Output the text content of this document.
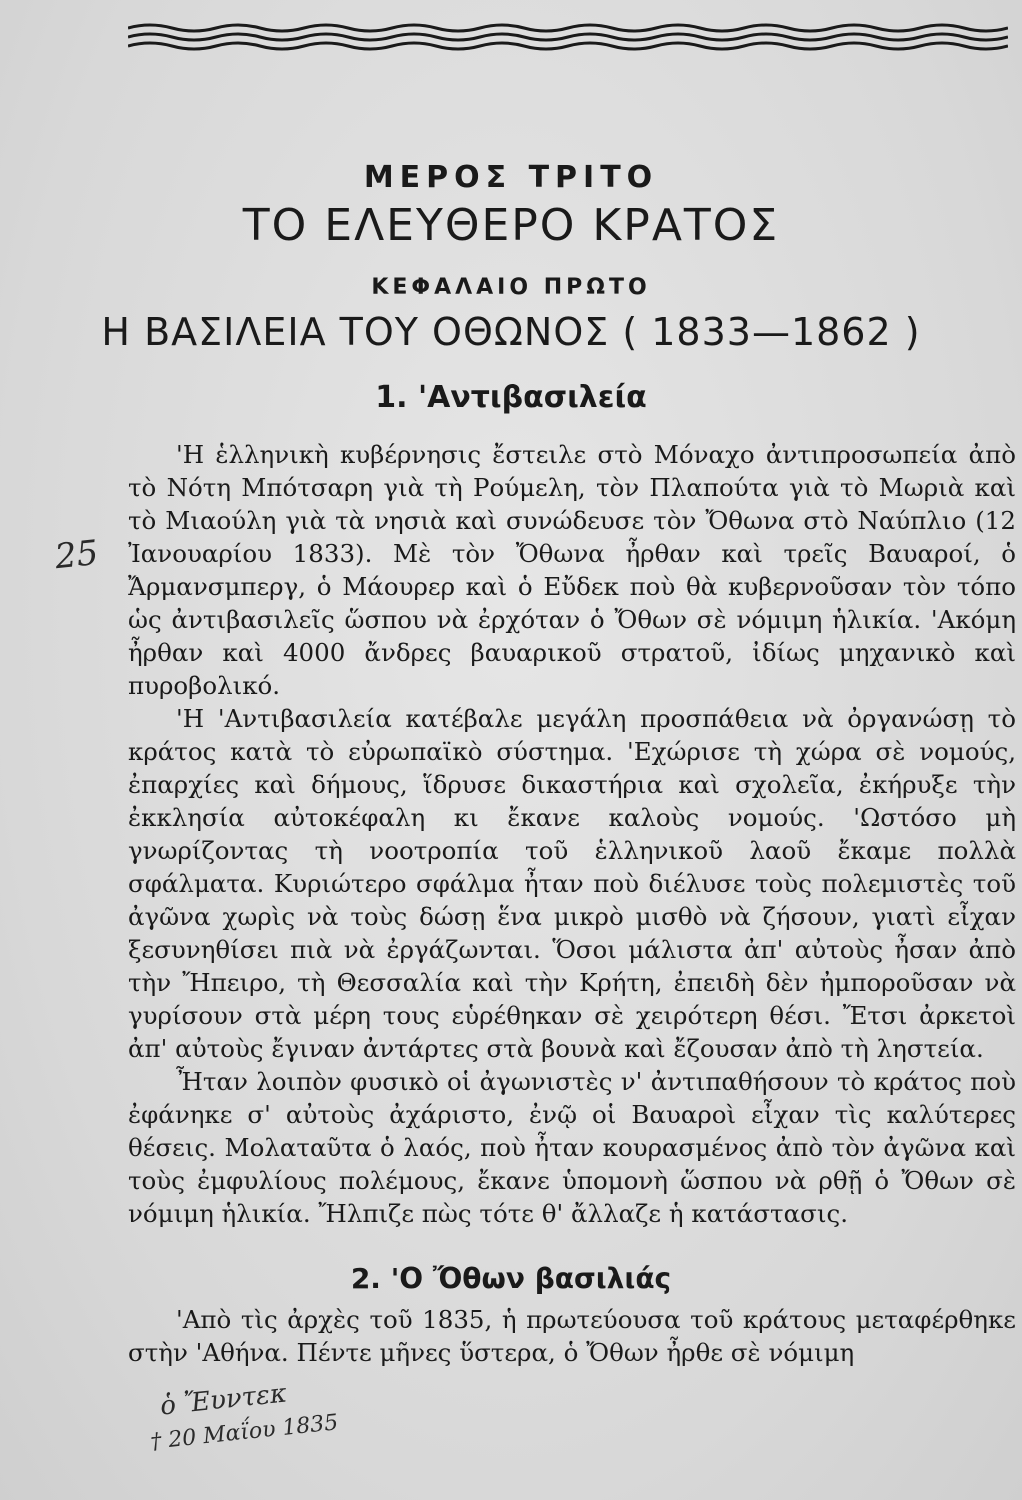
ΜΕΡΟΣ ΤΡΙΤΟ
ΤΟ ΕΛΕΥΘΕΡΟ ΚΡΑΤΟΣ
ΚΕΦΑΛΑΙΟ ΠΡΩΤΟ
Η ΒΑΣΙΛΕΙΑ ΤΟΥ ΟΘΩΝΟΣ ( 1833—1862 )
1. 'Αντιβασιλεία

'Η ἑλληνικὴ κυβέρνησις ἔστειλε στὸ Μόναχο ἀντιπροσωπεία ἀπὸ τὸ Νότη Μπότσαρη γιὰ τὴ Ρούμελη, τὸν Πλαπούτα γιὰ τὸ Μωριὰ καὶ τὸ Μιαούλη γιὰ τὰ νησιὰ καὶ συνώδευσε τὸν Ὄθωνα στὸ Ναύπλιο (12 Ἰανουαρίου 1833). Μὲ τὸν Ὄθωνα ἦρθαν καὶ τρεῖς Βαυαροί, ὁ Ἄρμανσμπεργ, ὁ Μάουρερ καὶ ὁ Εὔδεκ ποὺ θὰ κυβερνοῦσαν τὸν τόπο ὡς ἀντιβασιλεῖς ὥσπου νὰ ἐρχόταν ὁ Ὄθων σὲ νόμιμη ἡλικία. 'Ακόμη ἦρθαν καὶ 4000 ἄνδρες βαυαρικοῦ στρατοῦ, ἰδίως μηχανικὸ καὶ πυροβολικό.

'Η 'Αντιβασιλεία κατέβαλε μεγάλη προσπάθεια νὰ ὀργανώσῃ τὸ κράτος κατὰ τὸ εὐρωπαϊκὸ σύστημα. 'Εχώρισε τὴ χώρα σὲ νομούς, ἐπαρχίες καὶ δήμους, ἵδρυσε δικαστήρια καὶ σχολεῖα, ἐκήρυξε τὴν ἐκκλησία αὐτοκέφαλη κι ἔκανε καλοὺς νομούς. 'Ωστόσο μὴ γνωρίζοντας τὴ νοοτροπία τοῦ ἑλληνικοῦ λαοῦ ἔκαμε πολλὰ σφάλματα. Κυριώτερο σφάλμα ἦταν ποὺ διέλυσε τοὺς πολεμιστὲς τοῦ ἀγῶνα χωρὶς νὰ τοὺς δώσῃ ἕνα μικρὸ μισθὸ νὰ ζήσουν, γιατὶ εἶχαν ξεσυνηθίσει πιὰ νὰ ἐργάζωνται. Ὅσοι μάλιστα ἀπ' αὐτοὺς ἦσαν ἀπὸ τὴν Ἤπειρο, τὴ Θεσσαλία καὶ τὴν Κρήτη, ἐπειδὴ δὲν ἠμποροῦσαν νὰ γυρίσουν στὰ μέρη τους εὑρέθηκαν σὲ χειρότερη θέσι. Ἔτσι ἀρκετοὶ ἀπ' αὐτοὺς ἔγιναν ἀντάρτες στὰ βουνὰ καὶ ἔζουσαν ἀπὸ τὴ ληστεία.

Ἦταν λοιπὸν φυσικὸ οἱ ἀγωνιστὲς ν' ἀντιπαθήσουν τὸ κράτος ποὺ ἐφάνηκε σ' αὐτοὺς ἀχάριστο, ἐνῷ οἱ Βαυαροὶ εἶχαν τὶς καλύτερες θέσεις. Μολαταῦτα ὁ λαός, ποὺ ἦταν κουρασμένος ἀπὸ τὸν ἀγῶνα καὶ τοὺς ἐμφυλίους πολέμους, ἔκανε ὑπομονὴ ὥσπου νὰ ρθῇ ὁ Ὄθων σὲ νόμιμη ἡλικία. Ἤλπιζε πὼς τότε θ' ἄλλαζε ἡ κατάστασις.

2. 'Ο Ὄθων βασιλιάς

'Απὸ τὶς ἀρχὲς τοῦ 1835, ἡ πρωτεύουσα τοῦ κράτους μεταφέρθηκε στὴν 'Αθήνα. Πέντε μῆνες ὕστερα, ὁ Ὄθων ἦρθε σὲ νόμιμη

25
ὁ Ἔυντεκ
† 20 Μαΐου 1835
